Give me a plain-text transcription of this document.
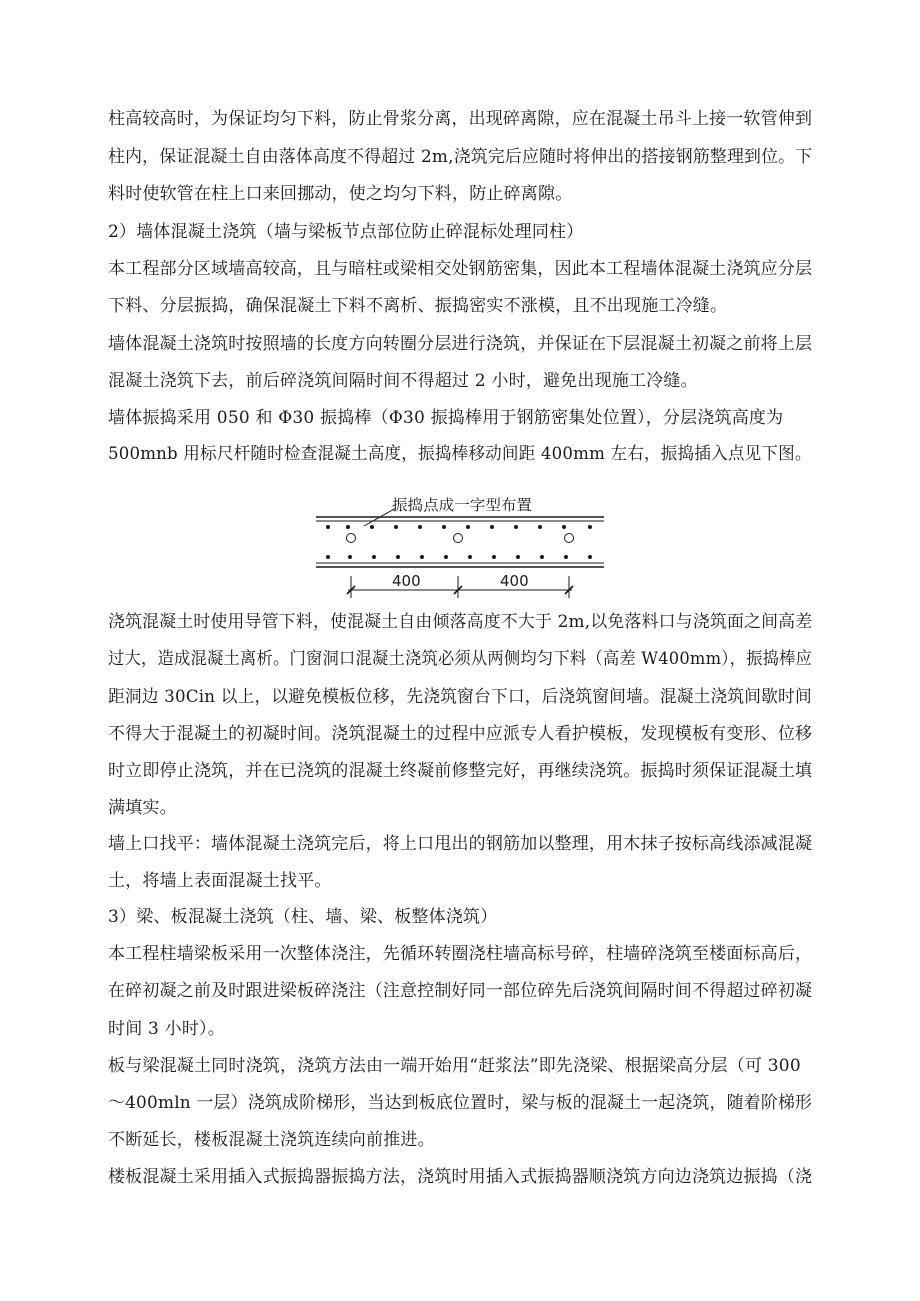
柱高较高时，为保证均匀下料，防止骨浆分离，出现碎离隙，应在混凝土吊斗上接一软管伸到
柱内，保证混凝土自由落体高度不得超过 2m,浇筑完后应随时将伸出的搭接钢筋整理到位。下
料时使软管在柱上口来回挪动，使之均匀下料，防止碎离隙。
2）墙体混凝土浇筑（墙与梁板节点部位防止碎混标处理同柱）
本工程部分区域墙高较高，且与暗柱或梁相交处钢筋密集，因此本工程墙体混凝土浇筑应分层
下料、分层振捣，确保混凝土下料不离析、振捣密实不涨模，且不出现施工冷缝。
墙体混凝土浇筑时按照墙的长度方向转圈分层进行浇筑，并保证在下层混凝土初凝之前将上层
混凝土浇筑下去，前后碎浇筑间隔时间不得超过 2 小时，避免出现施工冷缝。
墙体振捣采用 050 和 Φ30 振捣棒（Φ30 振捣棒用于钢筋密集处位置），分层浇筑高度为
500mnb 用标尺杆随时检查混凝土高度，振捣棒移动间距 400mm 左右，振捣插入点见下图。
振捣点成一字型布置
400	400
浇筑混凝土时使用导管下料，使混凝土自由倾落高度不大于 2m,以免落料口与浇筑面之间高差
过大，造成混凝土离析。门窗洞口混凝土浇筑必须从两侧均匀下料（高差 W400mm），振捣棒应
距洞边 30Cin 以上，以避免模板位移，先浇筑窗台下口，后浇筑窗间墙。混凝土浇筑间歇时间
不得大于混凝土的初凝时间。浇筑混凝土的过程中应派专人看护模板，发现模板有变形、位移
时立即停止浇筑，并在已浇筑的混凝土终凝前修整完好，再继续浇筑。振捣时须保证混凝土填
满填实。
墙上口找平：墙体混凝土浇筑完后，将上口甩出的钢筋加以整理，用木抹子按标高线添减混凝
土，将墙上表面混凝土找平。
3）梁、板混凝土浇筑（柱、墙、梁、板整体浇筑）
本工程柱墙梁板采用一次整体浇注，先循环转圈浇柱墙高标号碎，柱墙碎浇筑至楼面标高后，
在碎初凝之前及时跟进梁板碎浇注（注意控制好同一部位碎先后浇筑间隔时间不得超过碎初凝
时间 3 小时）。
板与梁混凝土同时浇筑，浇筑方法由一端开始用“赶浆法”即先浇梁、根据梁高分层（可 300
～400mln 一层）浇筑成阶梯形，当达到板底位置时，梁与板的混凝土一起浇筑，随着阶梯形
不断延长，楼板混凝土浇筑连续向前推进。
楼板混凝土采用插入式振捣器振捣方法，浇筑时用插入式振捣器顺浇筑方向边浇筑边振捣（浇
